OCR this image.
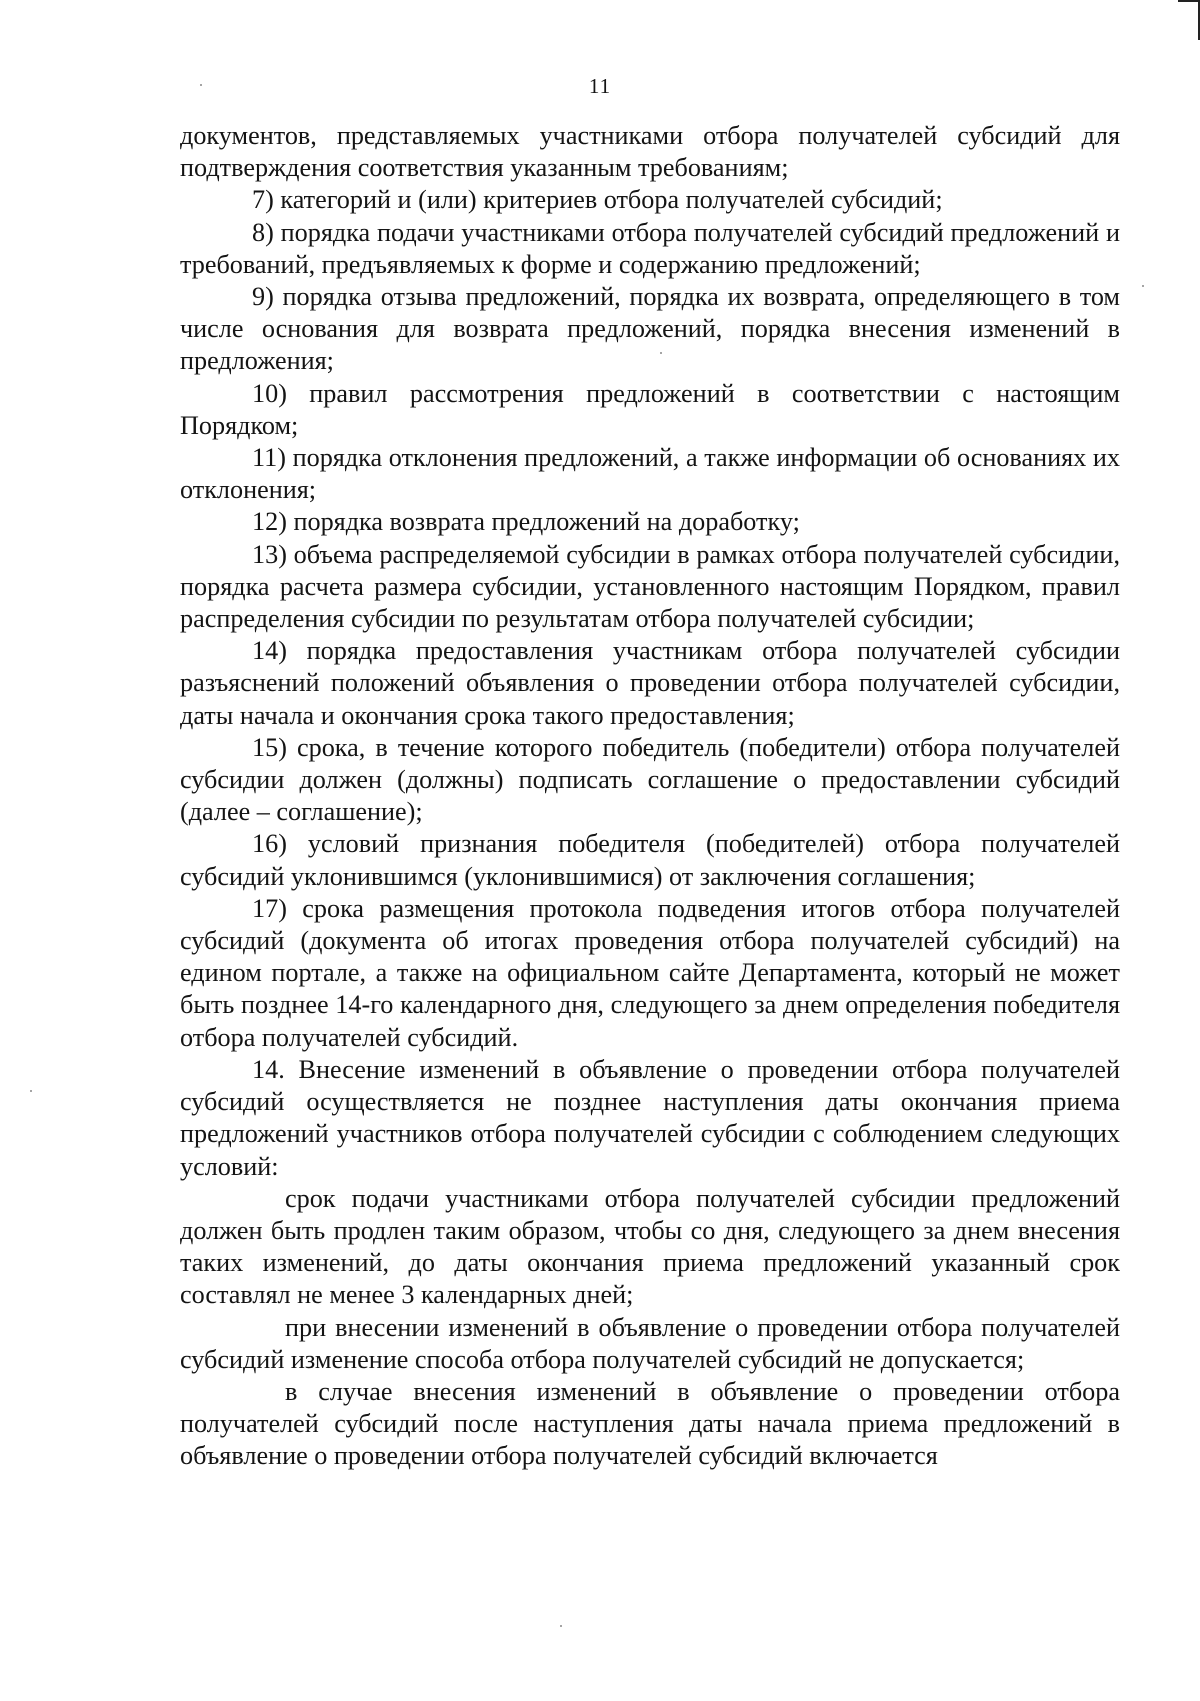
11

документов, представляемых участниками отбора получателей субсидий для подтверждения соответствия указанным требованиям;

7) категорий и (или) критериев отбора получателей субсидий;

8) порядка подачи участниками отбора получателей субсидий предложений и требований, предъявляемых к форме и содержанию предложений;

9) порядка отзыва предложений, порядка их возврата, определяющего в том числе основания для возврата предложений, порядка внесения изменений в предложения;

10) правил рассмотрения предложений в соответствии с настоящим Порядком;

11) порядка отклонения предложений, а также информации об основаниях их отклонения;

12) порядка возврата предложений на доработку;

13) объема распределяемой субсидии в рамках отбора получателей субсидии, порядка расчета размера субсидии, установленного настоящим Порядком, правил распределения субсидии по результатам отбора получателей субсидии;

14) порядка предоставления участникам отбора получателей субсидии разъяснений положений объявления о проведении отбора получателей субсидии, даты начала и окончания срока такого предоставления;

15) срока, в течение которого победитель (победители) отбора получателей субсидии должен (должны) подписать соглашение о предоставлении субсидий (далее – соглашение);

16) условий признания победителя (победителей) отбора получателей субсидий уклонившимся (уклонившимися) от заключения соглашения;

17) срока размещения протокола подведения итогов отбора получателей субсидий (документа об итогах проведения отбора получателей субсидий) на едином портале, а также на официальном сайте Департамента, который не может быть позднее 14-го календарного дня, следующего за днем определения победителя отбора получателей субсидий.

14. Внесение изменений в объявление о проведении отбора получателей субсидий осуществляется не позднее наступления даты окончания приема предложений участников отбора получателей субсидии с соблюдением следующих условий:

срок подачи участниками отбора получателей субсидии предложений должен быть продлен таким образом, чтобы со дня, следующего за днем внесения таких изменений, до даты окончания приема предложений указанный срок составлял не менее 3 календарных дней;

при внесении изменений в объявление о проведении отбора получателей субсидий изменение способа отбора получателей субсидий не допускается;

в случае внесения изменений в объявление о проведении отбора получателей субсидий после наступления даты начала приема предложений в объявление о проведении отбора получателей субсидий включается
